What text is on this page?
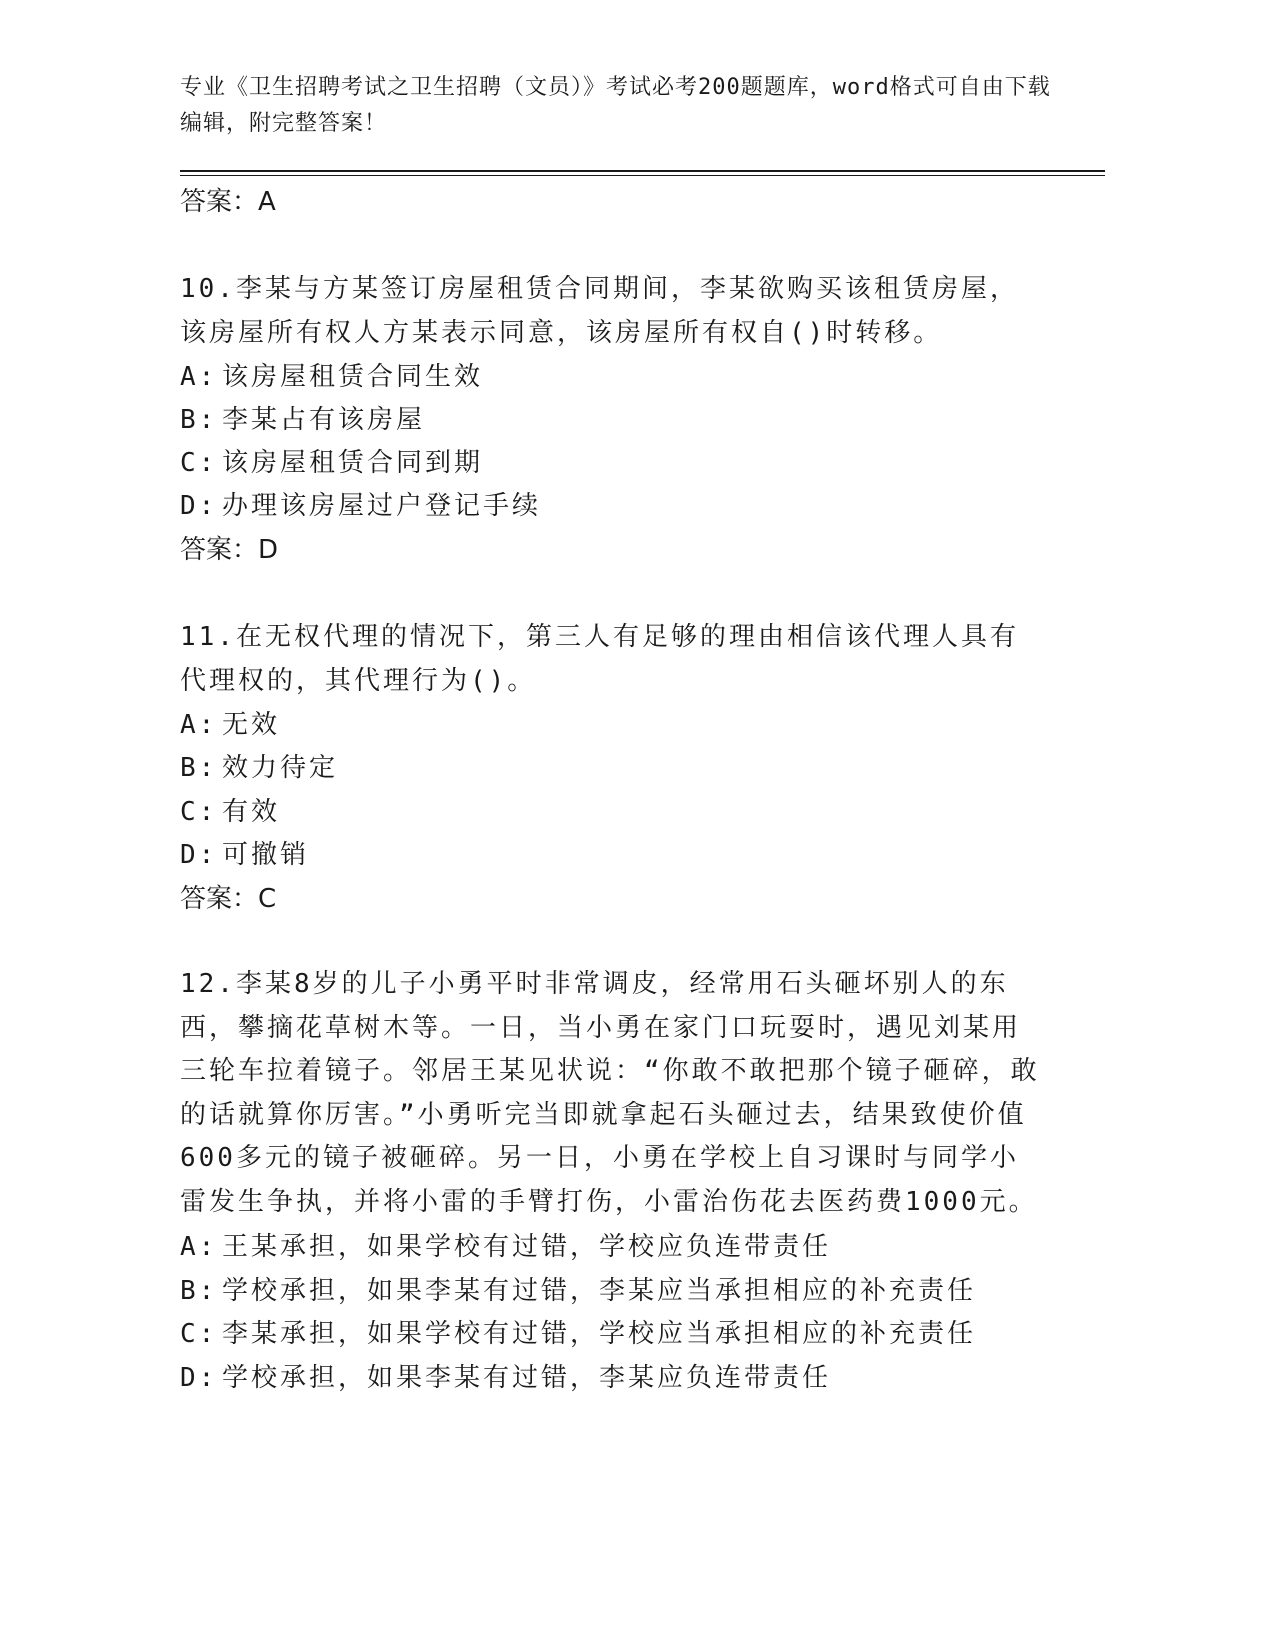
专业《卫生招聘考试之卫生招聘（文员）》考试必考200题题库，word格式可自由下载编辑，附完整答案！
答案：A
10.李某与方某签订房屋租赁合同期间，李某欲购买该租赁房屋，该房屋所有权人方某表示同意，该房屋所有权自()时转移。
A: 该房屋租赁合同生效
B: 李某占有该房屋
C: 该房屋租赁合同到期
D: 办理该房屋过户登记手续
答案：D
11.在无权代理的情况下，第三人有足够的理由相信该代理人具有代理权的，其代理行为()。
A: 无效
B: 效力待定
C: 有效
D: 可撤销
答案：C
12.李某8岁的儿子小勇平时非常调皮，经常用石头砸坏别人的东西，攀摘花草树木等。一日，当小勇在家门口玩耍时，遇见刘某用三轮车拉着镜子。邻居王某见状说：“你敢不敢把那个镜子砸碎，敢的话就算你厉害。”小勇听完当即就拿起石头砸过去，结果致使价值600多元的镜子被砸碎。另一日，小勇在学校上自习课时与同学小雷发生争执，并将小雷的手臂打伤，小雷治伤花去医药费1000元。
A: 王某承担，如果学校有过错，学校应负连带责任
B: 学校承担，如果李某有过错，李某应当承担相应的补充责任
C: 李某承担，如果学校有过错，学校应当承担相应的补充责任
D: 学校承担，如果李某有过错，李某应负连带责任
